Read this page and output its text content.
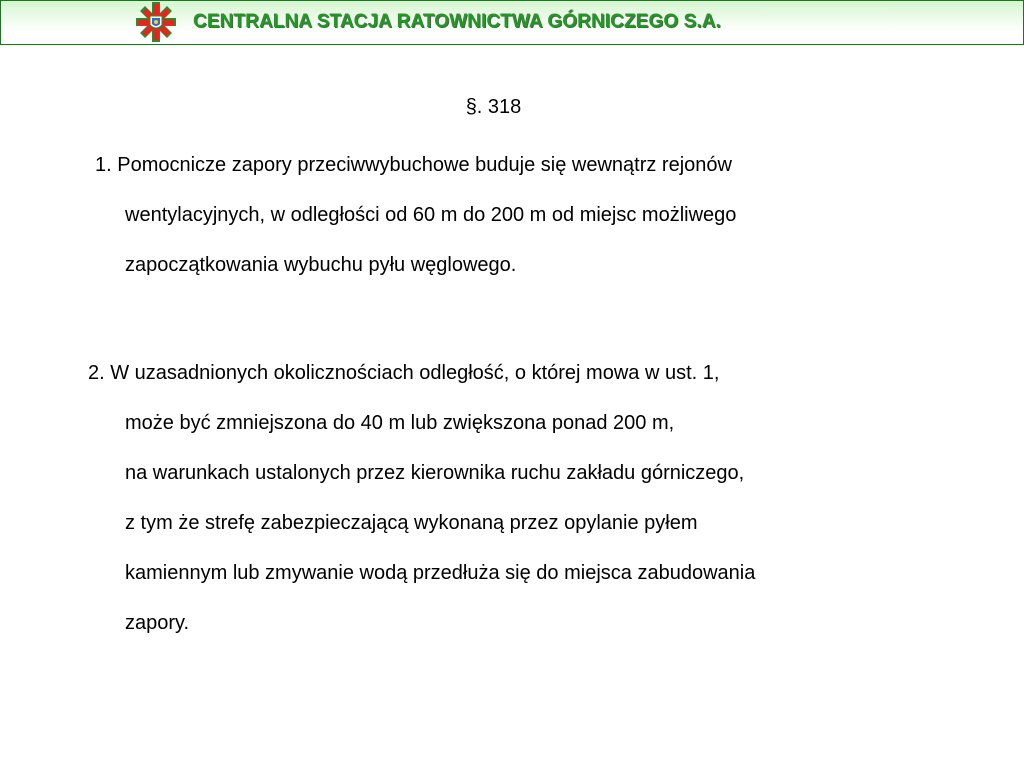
CENTRALNA STACJA RATOWNICTWA GÓRNICZEGO S.A.
§. 318
1. Pomocnicze zapory przeciwwybuchowe buduje się wewnątrz rejonów
wentylacyjnych, w odległości od 60 m do 200 m od miejsc możliwego
zapoczątkowania wybuchu pyłu węglowego.
2. W uzasadnionych okolicznościach odległość, o której mowa w ust. 1,
może być zmniejszona do 40 m lub zwiększona ponad 200 m,
na warunkach ustalonych przez kierownika ruchu zakładu górniczego,
z tym że strefę zabezpieczającą wykonaną przez opylanie pyłem
kamiennym lub zmywanie wodą przedłuża się do miejsca zabudowania
zapory.
